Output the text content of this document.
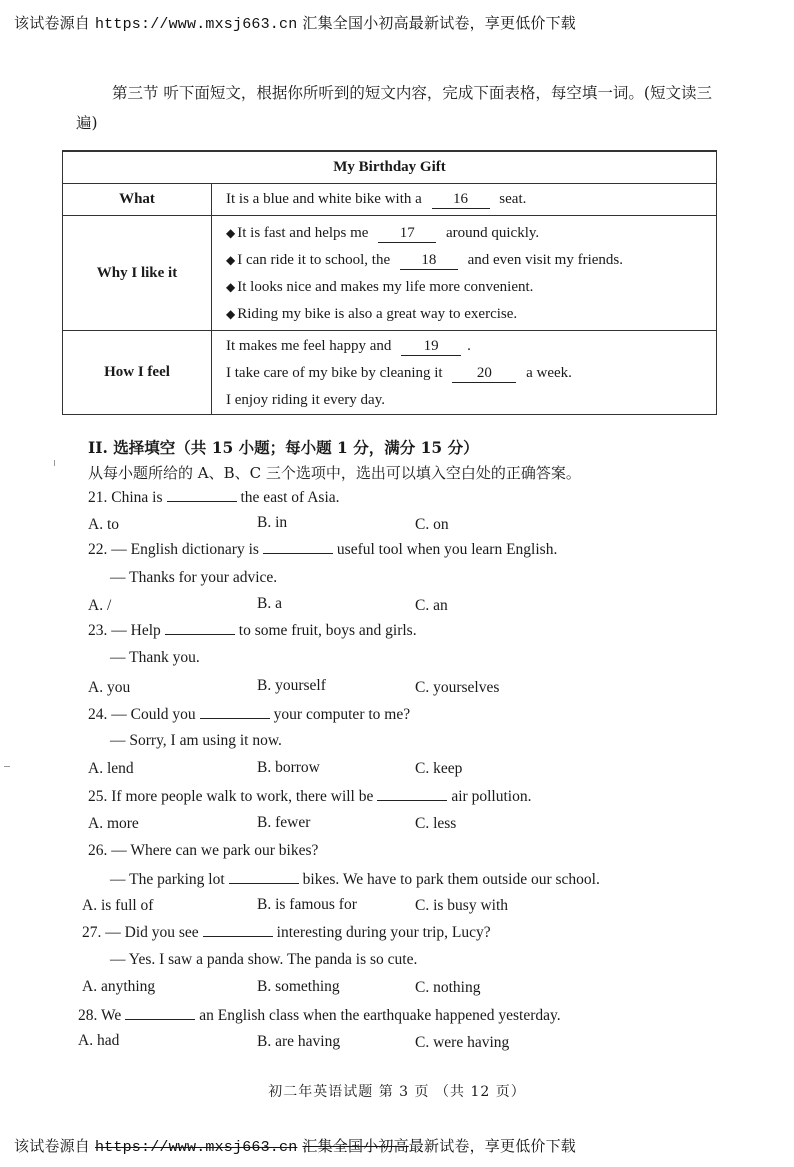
该试卷源自 https://www.mxsj663.cn 汇集全国小初高最新试卷，享更低价下载
第三节 听下面短文，根据你所听到的短文内容，完成下面表格，每空填一词。(短文读三遍)
My Birthday Gift	
What	It is a blue and white bike with a 16 seat.

Why I like it	◆ It is fast and helps me 17 around quickly.
◆ I can ride it to school, the 18 and even visit my friends.
◆ It looks nice and makes my life more convenient.
◆ Riding my bike is also a great way to exercise.

How I feel	It makes me feel happy and 19 .
I take care of my bike by cleaning it 20 a week.
I enjoy riding it every day.
II. 选择填空（共 15 小题；每小题 1 分，满分 15 分）
从每小题所给的 A、B、C 三个选项中，选出可以填入空白处的正确答案。
21. China is	the east of Asia.
A. to	B. in	C. on
22. — English dictionary is	useful tool when you learn English.
— Thanks for your advice.
A. /	B. a	C. an
23. — Help	to some fruit, boys and girls.
— Thank you.
A. you	B. yourself	C. yourselves
24. — Could you	your computer to me?
— Sorry, I am using it now.
A. lend	B. borrow	C. keep
25. If more people walk to work, there will be	air pollution.
A. more	B. fewer	C. less
26. — Where can we park our bikes?
— The parking lot	bikes. We have to park them outside our school.
A. is full of	B. is famous for	C. is busy with
27. — Did you see	interesting during your trip, Lucy?
— Yes. I saw a panda show. The panda is so cute.
A. anything	B. something	C. nothing
28. We	an English class when the earthquake happened yesterday.
A. had	B. are having	C. were having
初二年英语试题 第 3 页 （共 12 页）
该试卷源自 https://www.mxsj663.cn 汇集全国小初高最新试卷，享更低价下载
